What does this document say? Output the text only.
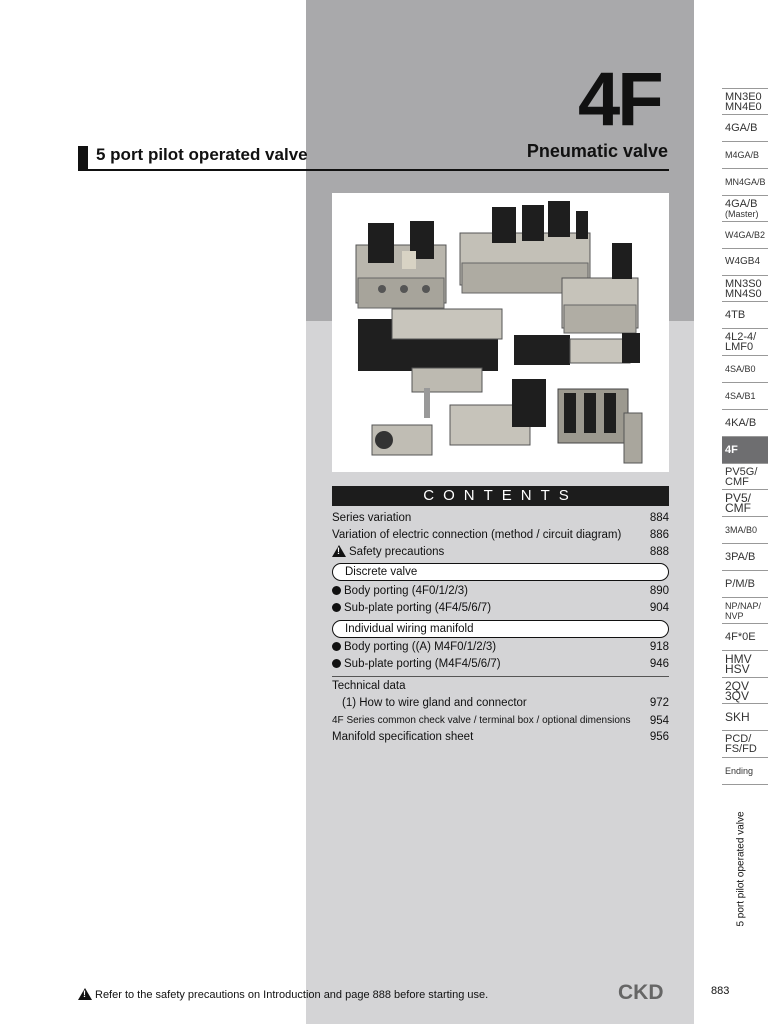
4F
5 port pilot operated valve	Pneumatic valve
CONTENTS
Series variation	884
Variation of electric connection (method / circuit diagram) 886
!Safety precautions	888
Discrete valve
Body porting (4F0/1/2/3)	890
Sub-plate porting (4F4/5/6/7)	904
Individual wiring manifold
Body porting ((A) M4F0/1/2/3)	918
Sub-plate porting (M4F4/5/6/7)	946
Technical data
(1) How to wire gland and connector	972
4F Series common check valve / terminal box / optional dimensions 954
Manifold specification sheet	956
MN3E0
MN4E0
4GA/B
M4GA/B
MN4GA/B
4GA/B
(Master)
W4GA/B2
W4GB4
MN3S0
MN4S0
4TB
4L2-4/
LMF0
4SA/B0
4SA/B1
4KA/B
4F
PV5G/
CMF
PV5/
CMF
3MA/B0
3PA/B
P/M/B
NP/NAP/
NVP
4F*0E
HMV
HSV
2QV
3QV
SKH
PCD/
FS/FD
Ending
5 port pilot operated valve
!Refer to the safety precautions on Introduction and page 888 before starting use.	CKD	883
